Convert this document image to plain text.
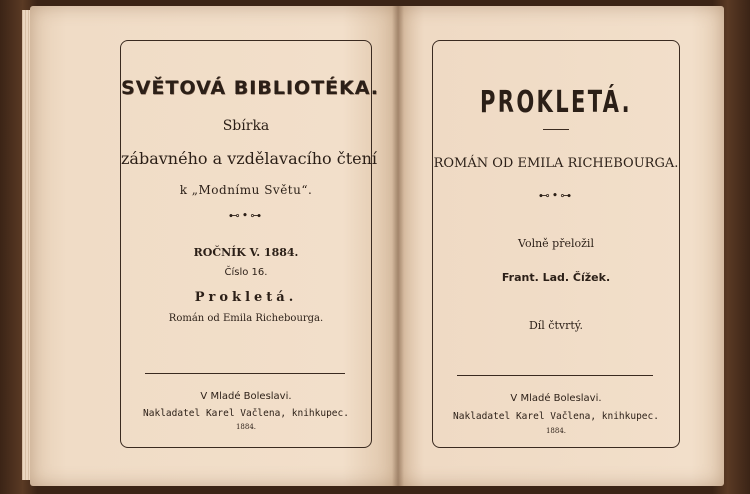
SVĚTOVÁ BIBLIOTÉKA.
Sbírka
zábavného a vzdělavacího čtení
k „Modnímu Světu“.
⊷•⊶
ROČNÍK V. 1884.
Číslo 16.
Prokletá.
Román od Emila Richebourga.
V Mladé Boleslavi.
Nakladatel Karel Vačlena, knihkupec.
1884.
PROKLETÁ.
ROMÁN OD EMILA RICHEBOURGA.
⊷•⊶
Volně přeložil
Frant. Lad. Čížek.
Díl čtvrtý.
V Mladé Boleslavi.
Nakladatel Karel Vačlena, knihkupec.
1884.
